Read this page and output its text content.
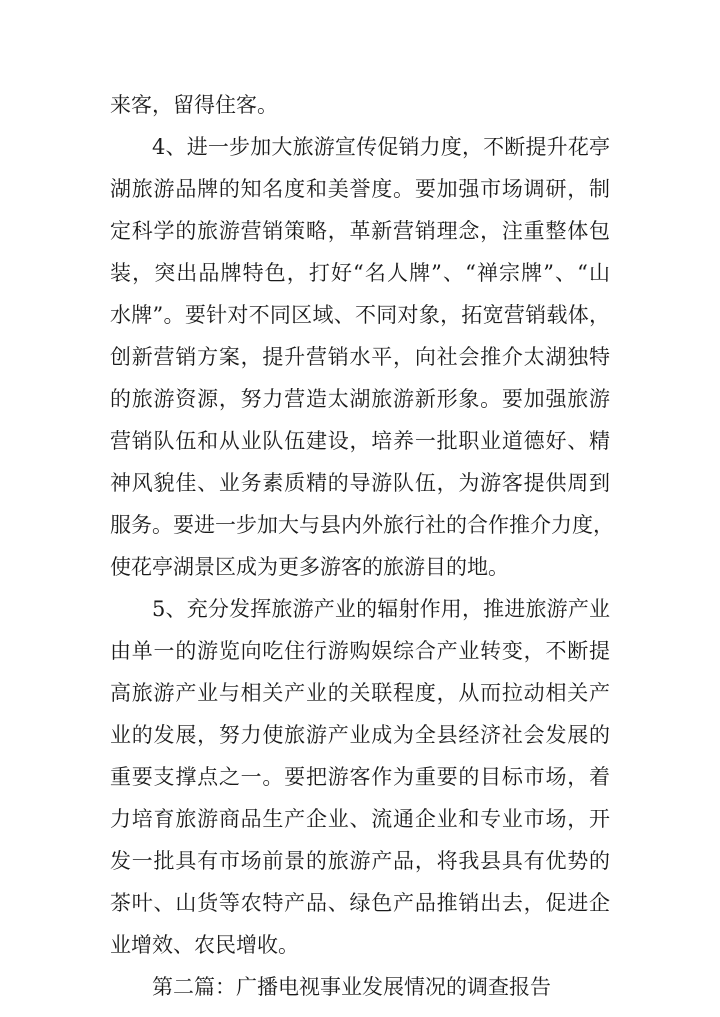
来客，留得住客。
4、进一步加大旅游宣传促销力度，不断提升花亭
湖旅游品牌的知名度和美誉度。要加强市场调研，制
定科学的旅游营销策略，革新营销理念，注重整体包
装，突出品牌特色，打好“名人牌”、“禅宗牌”、“山
水牌”。要针对不同区域、不同对象，拓宽营销载体，
创新营销方案，提升营销水平，向社会推介太湖独特
的旅游资源，努力营造太湖旅游新形象。要加强旅游
营销队伍和从业队伍建设，培养一批职业道德好、精
神风貌佳、业务素质精的导游队伍，为游客提供周到
服务。要进一步加大与县内外旅行社的合作推介力度，
使花亭湖景区成为更多游客的旅游目的地。
5、充分发挥旅游产业的辐射作用，推进旅游产业
由单一的游览向吃住行游购娱综合产业转变，不断提
高旅游产业与相关产业的关联程度，从而拉动相关产
业的发展，努力使旅游产业成为全县经济社会发展的
重要支撑点之一。要把游客作为重要的目标市场，着
力培育旅游商品生产企业、流通企业和专业市场，开
发一批具有市场前景的旅游产品，将我县具有优势的
茶叶、山货等农特产品、绿色产品推销出去，促进企
业增效、农民增收。
第二篇：广播电视事业发展情况的调查报告
